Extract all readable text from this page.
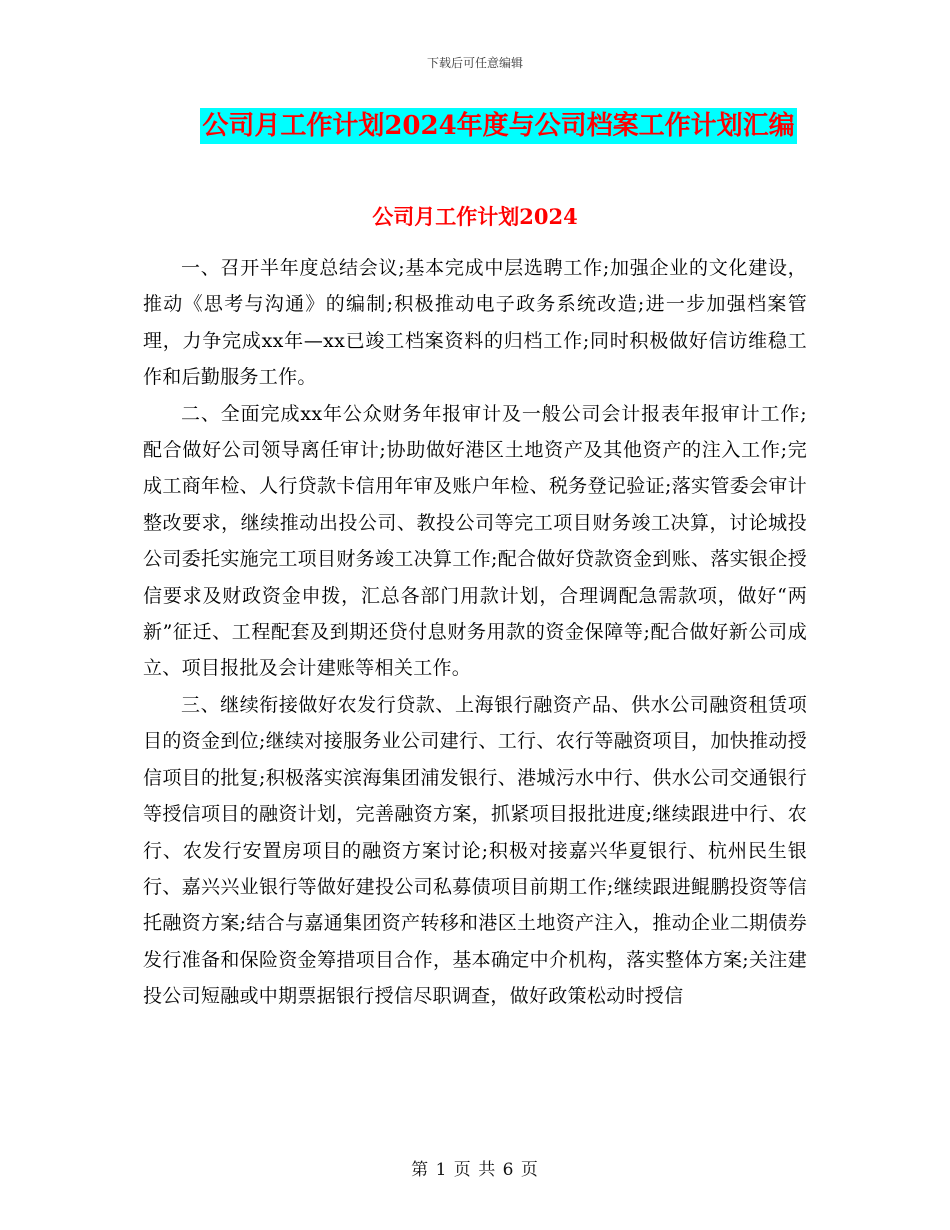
下载后可任意编辑
公司月工作计划2024年度与公司档案工作计划汇编
公司月工作计划2024

一、召开半年度总结会议;基本完成中层选聘工作;加强企业的文化建设，推动《思考与沟通》的编制;积极推动电子政务系统改造;进一步加强档案管理，力争完成xx年—xx已竣工档案资料的归档工作;同时积极做好信访维稳工作和后勤服务工作。

二、全面完成xx年公众财务年报审计及一般公司会计报表年报审计工作;配合做好公司领导离任审计;协助做好港区土地资产及其他资产的注入工作;完成工商年检、人行贷款卡信用年审及账户年检、税务登记验证;落实管委会审计整改要求，继续推动出投公司、教投公司等完工项目财务竣工决算，讨论城投公司委托实施完工项目财务竣工决算工作;配合做好贷款资金到账、落实银企授信要求及财政资金申拨，汇总各部门用款计划，合理调配急需款项，做好“两新”征迁、工程配套及到期还贷付息财务用款的资金保障等;配合做好新公司成立、项目报批及会计建账等相关工作。

三、继续衔接做好农发行贷款、上海银行融资产品、供水公司融资租赁项目的资金到位;继续对接服务业公司建行、工行、农行等融资项目，加快推动授信项目的批复;积极落实滨海集团浦发银行、港城污水中行、供水公司交通银行等授信项目的融资计划，完善融资方案，抓紧项目报批进度;继续跟进中行、农行、农发行安置房项目的融资方案讨论;积极对接嘉兴华夏银行、杭州民生银行、嘉兴兴业银行等做好建投公司私募债项目前期工作;继续跟进鲲鹏投资等信托融资方案;结合与嘉通集团资产转移和港区土地资产注入，推动企业二期债券发行准备和保险资金筹措项目合作，基本确定中介机构，落实整体方案;关注建投公司短融或中期票据银行授信尽职调查，做好政策松动时授信

第 1 页 共 6 页
